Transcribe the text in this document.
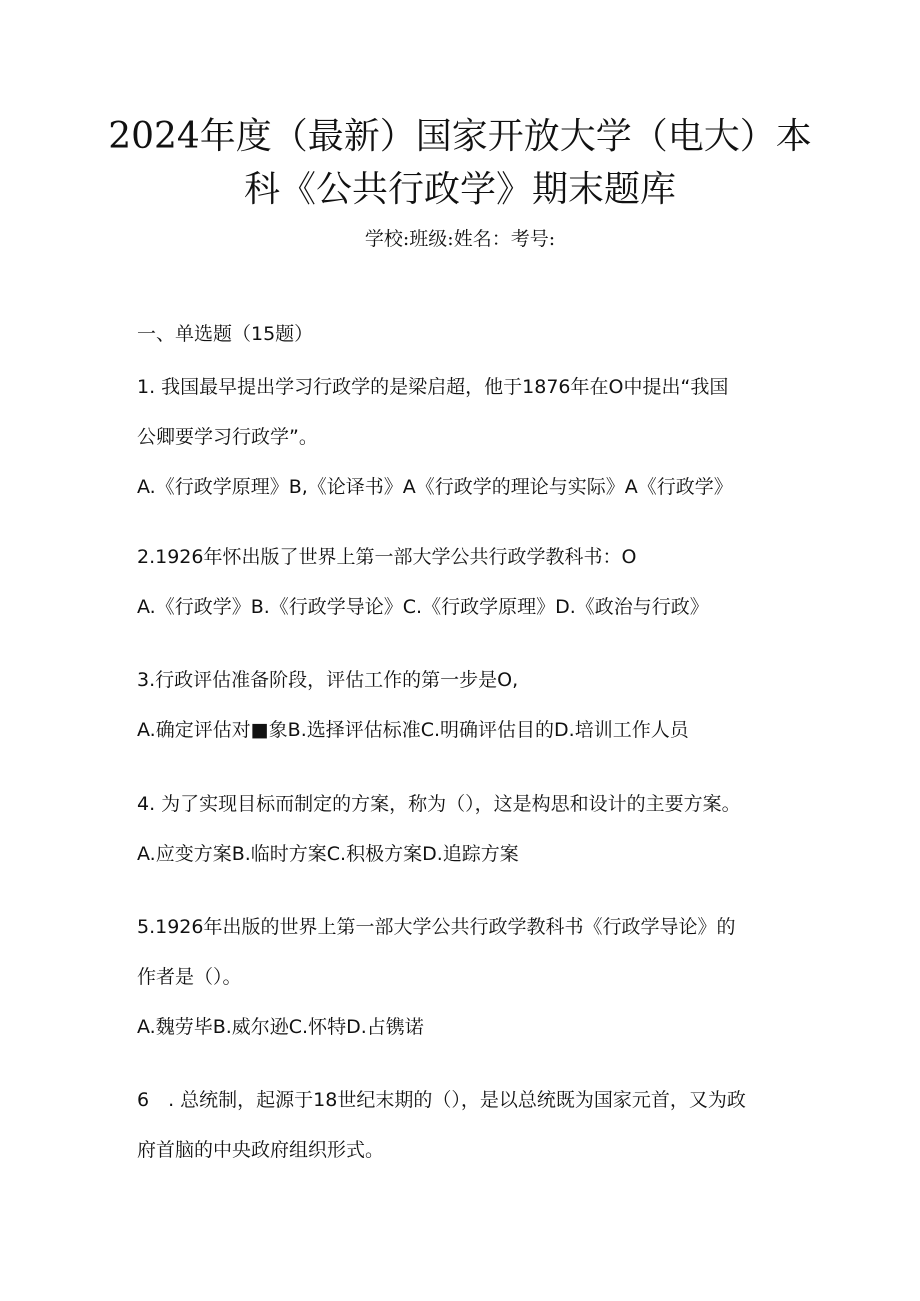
2024年度（最新）国家开放大学（电大）本
科《公共行政学》期末题库
学校:班级:姓名：考号:
一、单选题（15题）
1. 我国最早提出学习行政学的是梁启超，他于1876年在O中提出“我国
公卿要学习行政学”。
A.《行政学原理》B,《论译书》A《行政学的理论与实际》A《行政学》
2.1926年怀出版了世界上第一部大学公共行政学教科书：O
A.《行政学》B.《行政学导论》C.《行政学原理》D.《政治与行政》
3.行政评估准备阶段，评估工作的第一步是O,
A.确定评估对■象B.选择评估标准C.明确评估目的D.培训工作人员
4. 为了实现目标而制定的方案，称为（），这是构思和设计的主要方案。
A.应变方案B.临时方案C.积极方案D.追踪方案
5.1926年出版的世界上第一部大学公共行政学教科书《行政学导论》的
作者是（）。
A.魏劳毕B.威尔逊C.怀特D.占镌诺
6　. 总统制，起源于18世纪末期的（），是以总统既为国家元首，又为政
府首脑的中央政府组织形式。
